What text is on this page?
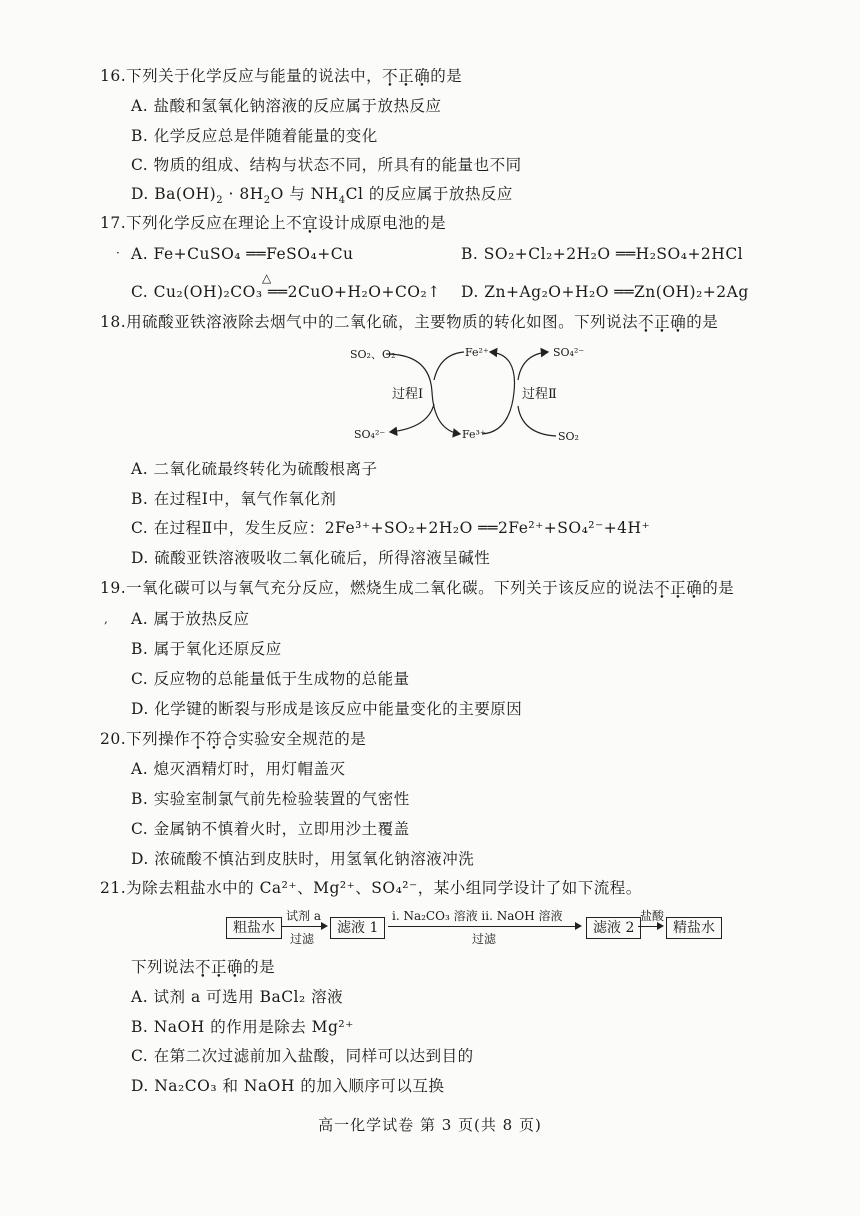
16.下列关于化学反应与能量的说法中，不正确的是
A. 盐酸和氢氧化钠溶液的反应属于放热反应
B. 化学反应总是伴随着能量的变化
C. 物质的组成、结构与状态不同，所具有的能量也不同
D. $Ba(OH)_2 \cdot 8H_2O$ 与 $NH_4Cl$ 的反应属于放热反应
17.下列化学反应在理论上不宜设计成原电池的是
· A. Fe+CuSO₄ ══FeSO₄+Cu	B. SO₂+Cl₂+2H₂O ══H₂SO₄+2HCl
△
C. Cu₂(OH)₂CO₃ ══2CuO+H₂O+CO₂↑ D. Zn+Ag₂O+H₂O ══Zn(OH)₂+2Ag
18.用硫酸亚铁溶液除去烟气中的二氧化硫，主要物质的转化如图。下列说法不正确的是
SO₂、O₂	Fe²⁺	SO₄²⁻
SO₄²⁻	Fe³⁺	SO₂
过程Ⅰ	过程Ⅱ
A. 二氧化硫最终转化为硫酸根离子
B. 在过程Ⅰ中，氧气作氧化剂
C. 在过程Ⅱ中，发生反应：2Fe³⁺+SO₂+2H₂O ══2Fe²⁺+SO₄²⁻+4H⁺
D. 硫酸亚铁溶液吸收二氧化硫后，所得溶液呈碱性
19.一氧化碳可以与氧气充分反应，燃烧生成二氧化碳。下列关于该反应的说法不正确的是
, A. 属于放热反应
B. 属于氧化还原反应
C. 反应物的总能量低于生成物的总能量
D. 化学键的断裂与形成是该反应中能量变化的主要原因
20.下列操作不符合实验安全规范的是
A. 熄灭酒精灯时，用灯帽盖灭
B. 实验室制氯气前先检验装置的气密性
C. 金属钠不慎着火时，立即用沙土覆盖
D. 浓硫酸不慎沾到皮肤时，用氢氧化钠溶液冲洗
21.为除去粗盐水中的 Ca²⁺、Mg²⁺、SO₄²⁻，某小组同学设计了如下流程。
粗盐水
试剂 a
过滤
滤液 1
i. Na₂CO₃ 溶液 ii. NaOH 溶液
过滤
滤液 2
盐酸
精盐水
下列说法不正确的是
A. 试剂 a 可选用 BaCl₂ 溶液
B. NaOH 的作用是除去 Mg²⁺
C. 在第二次过滤前加入盐酸，同样可以达到目的
D. Na₂CO₃ 和 NaOH 的加入顺序可以互换
高一化学试卷 第 3 页(共 8 页)
